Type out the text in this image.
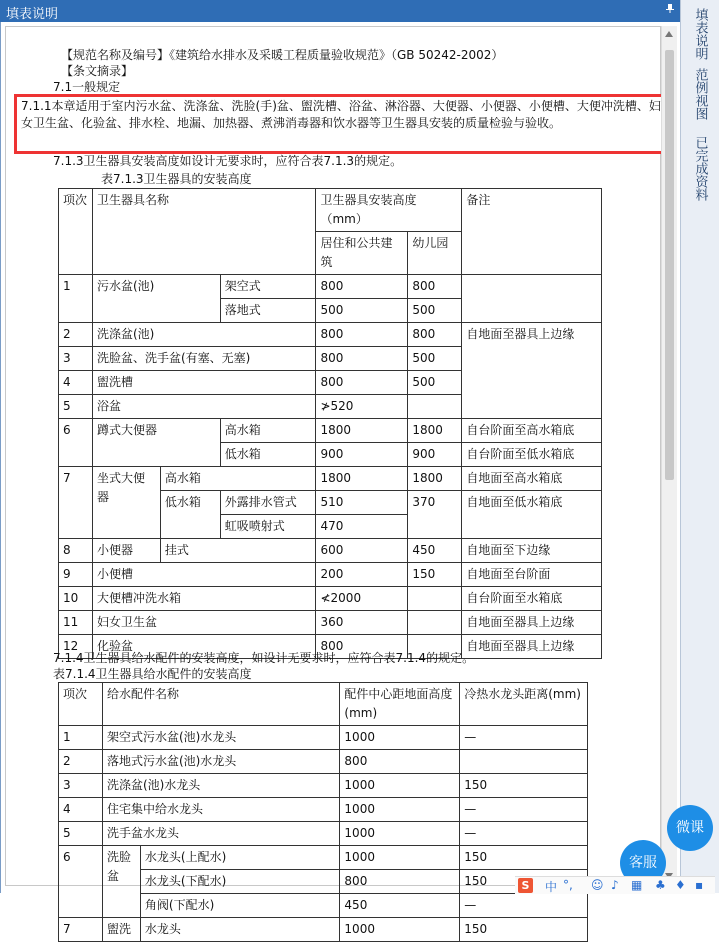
填表说明
【规范名称及编号】《建筑给水排水及采暖工程质量验收规范》（GB 50242-2002）
【条文摘录】
7.1一般规定
7.1.3卫生器具安装高度如设计无要求时，应符合表7.1.3的规定。
表7.1.3卫生器具的安装高度
项次	卫生器具名称			卫生器具安装高度（mm）		备注
				居住和公共建筑	幼儿园	
1	污水盆(池)		架空式	800	800	
			落地式	500	500	
2	洗涤盆(池)			800	800	自地面至器具上边缘
3	洗脸盆、洗手盆(有塞、无塞)			800	500	
4	盥洗槽			800	500	
5	浴盆			≯520		
6	蹲式大便器		高水箱	1800	1800	自台阶面至高水箱底
			低水箱	900	900	自台阶面至低水箱底
7	坐式大便器	高水箱		1800	1800	自地面至高水箱底
		低水箱	外露排水管式	510	370	自地面至低水箱底
			虹吸喷射式	470		
8	小便器	挂式		600	450	自地面至下边缘
9	小便槽			200	150	自地面至台阶面
10	大便槽冲洗水箱			≮2000		自台阶面至水箱底
11	妇女卫生盆			360		自地面至器具上边缘
12	化验盆			800		自地面至器具上边缘
7.1.4卫生器具给水配件的安装高度，如设计无要求时，应符合表7.1.4的规定。
表7.1.4卫生器具给水配件的安装高度
项次	给水配件名称		配件中心距地面高度(mm)	冷热水龙头距离(mm)
1	架空式污水盆(池)水龙头		1000	—
2	落地式污水盆(池)水龙头		800	
3	洗涤盆(池)水龙头		1000	150
4	住宅集中给水龙头		1000	—
5	洗手盆水龙头		1000	—
6	洗脸盆	水龙头(上配水)	1000	150
		水龙头(下配水)	800	150
		角阀(下配水)	450	—
7	盥洗	水龙头	1000	150
7.1.1本章适用于室内污水盆、洗涤盆、洗脸(手)盆、盥洗槽、浴盆、淋浴器、大便器、小便器、小便槽、大便冲洗槽、妇女卫生盆、化验盆、排水栓、地漏、加热器、煮沸消毒器和饮水器等卫生器具安装的质量检验与验收。
填表说明
范例视图
已完成资料
微课
客服
S 中 °, ☺ ♪ ▦ ♣ ♦ ▪
